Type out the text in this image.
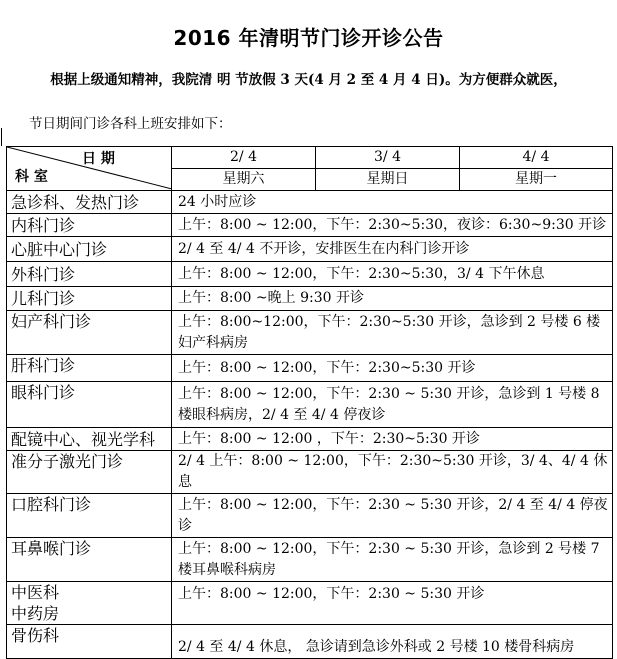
2016 年清明节门诊开诊公告
根据上级通知精神，我院清 明 节放假 3 天(4 月 2 至 4 月 4 日)。为方便群众就医，
节日期间门诊各科上班安排如下：
日 期
科 室	2/ 4	3/ 4	4/ 4
	星期六	星期日	星期一
急诊科、发热门诊	24 小时应诊		
内科门诊	上午：8:00 ~ 12:00，下午：2:30~5:30，夜诊：6:30~9:30 开诊		
心脏中心门诊	2/ 4 至 4/ 4 不开诊，安排医生在内科门诊开诊		
外科门诊	上午：8:00 ~ 12:00，下午：2:30~5:30，3/ 4 下午休息		
儿科门诊	上午：8:00 ~晚上 9:30 开诊		
妇产科门诊	上午：8:00~12:00，下午：2:30~5:30 开诊，急诊到 2 号楼 6 楼妇产科病房		
肝科门诊	上午：8:00 ~ 12:00，下午：2:30~5:30 开诊		
眼科门诊	上午：8:00 ~ 12:00，下午：2:30 ~ 5:30 开诊，急诊到 1 号楼 8 楼眼科病房，2/ 4 至 4/ 4 停夜诊		
配镜中心、视光学科	上午：8:00 ~ 12:00 ，下午：2:30~5:30 开诊		
准分子激光门诊	2/ 4 上午：8:00 ~ 12:00，下午：2:30~5:30 开诊，3/ 4、4/ 4 休息		
口腔科门诊	上午：8:00 ~ 12:00，下午：2:30 ~ 5:30 开诊，2/ 4 至 4/ 4 停夜诊		
耳鼻喉门诊	上午：8:00 ~ 12:00，下午：2:30 ~ 5:30 开诊，急诊到 2 号楼 7 楼耳鼻喉科病房		

中医科
中药房	上午：8:00 ~ 12:00，下午：2:30 ~ 5:30 开诊		
骨伤科	2/ 4 至 4/ 4 休息， 急诊请到急诊外科或 2 号楼 10 楼骨科病房		
